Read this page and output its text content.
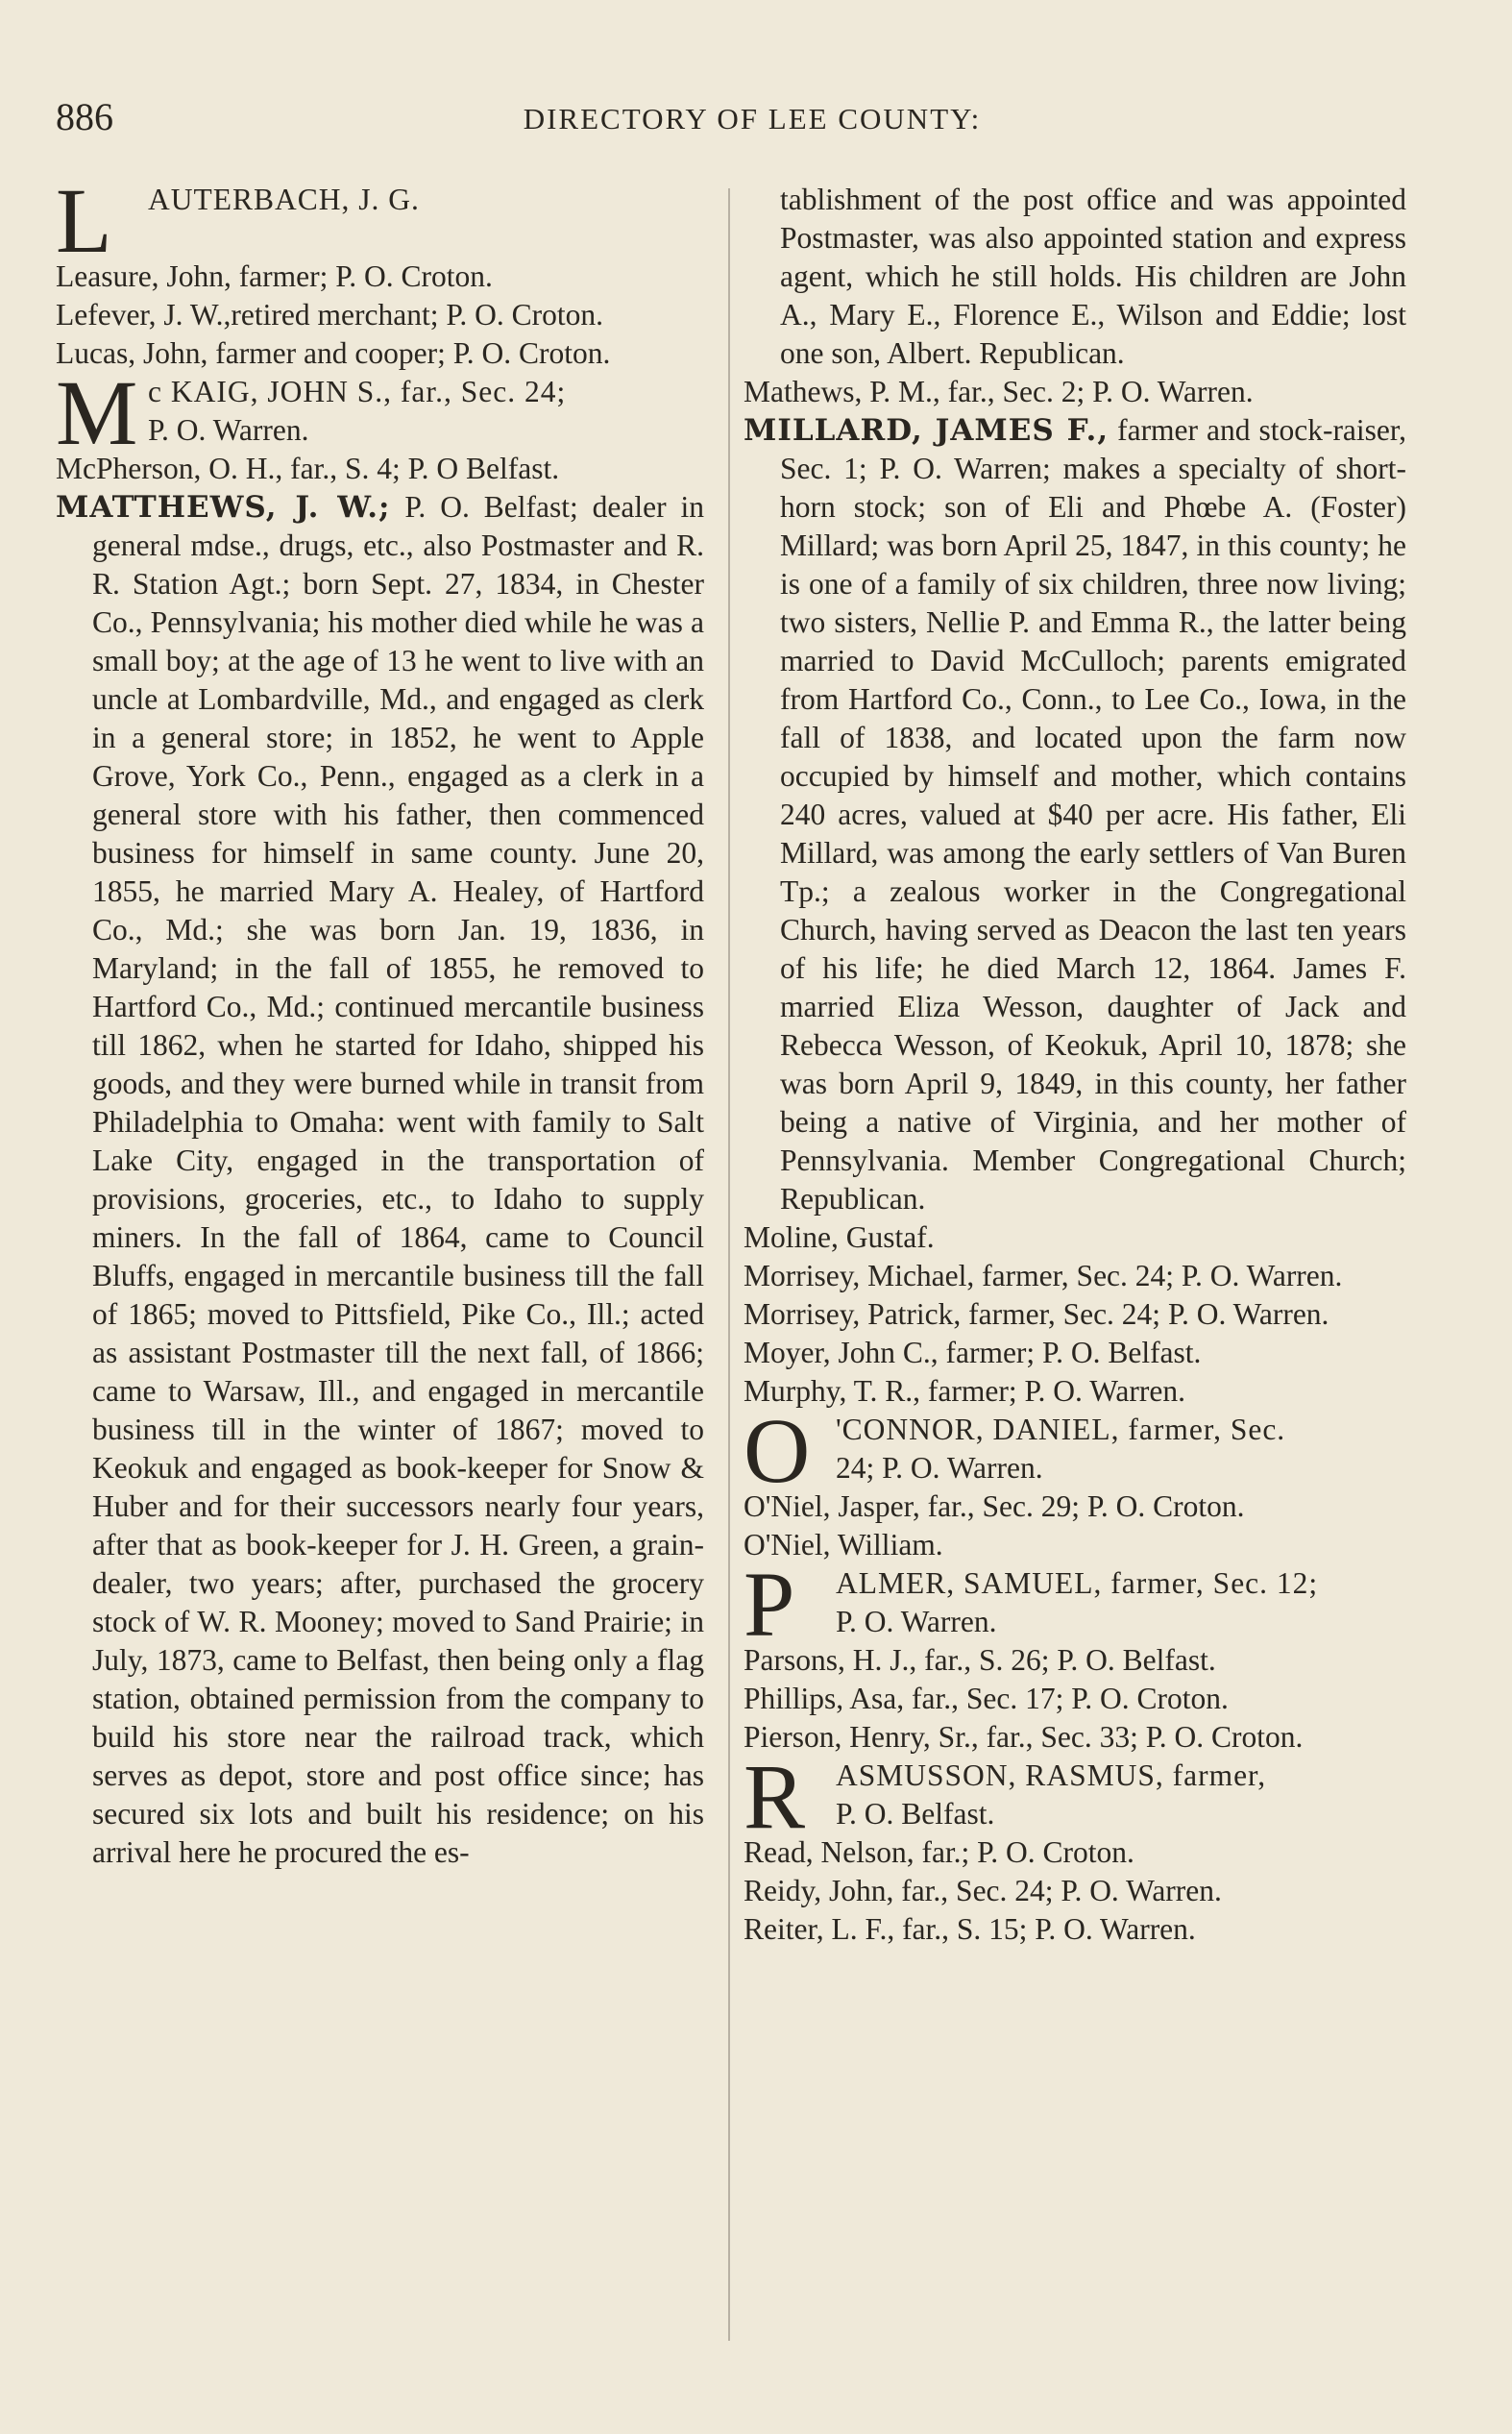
886	DIRECTORY OF LEE COUNTY:

L AUTERBACH, J. G.

Leasure, John, farmer; P. O. Croton.

Lefever, J. W.,retired merchant; P. O. Croton.

Lucas, John, farmer and cooper; P. O. Croton.

M c KAIG, JOHN S., far., Sec. 24;
P. O. Warren.

McPherson, O. H., far., S. 4; P. O Belfast.

MATTHEWS, J. W.; P. O. Belfast; dealer in general mdse., drugs, etc., also Postmaster and R. R. Station Agt.; born Sept. 27, 1834, in Chester Co., Pennsylvania; his mother died while he was a small boy; at the age of 13 he went to live with an uncle at Lombardville, Md., and engaged as clerk in a general store; in 1852, he went to Apple Grove, York Co., Penn., engaged as a clerk in a general store with his father, then commenced business for himself in same county. June 20, 1855, he married Mary A. Healey, of Hartford Co., Md.; she was born Jan. 19, 1836, in Maryland; in the fall of 1855, he removed to Hartford Co., Md.; continued mercantile business till 1862, when he started for Idaho, shipped his goods, and they were burned while in transit from Philadelphia to Omaha: went with family to Salt Lake City, engaged in the transportation of provisions, groceries, etc., to Idaho to supply miners. In the fall of 1864, came to Council Bluffs, engaged in mercantile business till the fall of 1865; moved to Pittsfield, Pike Co., Ill.; acted as assistant Postmaster till the next fall, of 1866; came to Warsaw, Ill., and engaged in mercantile business till in the winter of 1867; moved to Keokuk and engaged as book-keeper for Snow & Huber and for their successors nearly four years, after that as book-keeper for J. H. Green, a grain-dealer, two years; after, purchased the grocery stock of W. R. Mooney; moved to Sand Prairie; in July, 1873, came to Belfast, then being only a flag station, obtained permission from the company to build his store near the railroad track, which serves as depot, store and post office since; has secured six lots and built his residence; on his arrival here he procured the es-

tablishment of the post office and was appointed Postmaster, was also appointed station and express agent, which he still holds. His children are John A., Mary E., Florence E., Wilson and Eddie; lost one son, Albert. Republican.

Mathews, P. M., far., Sec. 2; P. O. Warren.

MILLARD, JAMES F., farmer and stock-raiser, Sec. 1; P. O. Warren; makes a specialty of short-horn stock; son of Eli and Phœbe A. (Foster) Millard; was born April 25, 1847, in this county; he is one of a family of six children, three now living; two sisters, Nellie P. and Emma R., the latter being married to David McCulloch; parents emigrated from Hartford Co., Conn., to Lee Co., Iowa, in the fall of 1838, and located upon the farm now occupied by himself and mother, which contains 240 acres, valued at $40 per acre. His father, Eli Millard, was among the early settlers of Van Buren Tp.; a zealous worker in the Congregational Church, having served as Deacon the last ten years of his life; he died March 12, 1864. James F. married Eliza Wesson, daughter of Jack and Rebecca Wesson, of Keokuk, April 10, 1878; she was born April 9, 1849, in this county, her father being a native of Virginia, and her mother of Pennsylvania. Member Congregational Church; Republican.

Moline, Gustaf.

Morrisey, Michael, farmer, Sec. 24; P. O. Warren.

Morrisey, Patrick, farmer, Sec. 24; P. O. Warren.

Moyer, John C., farmer; P. O. Belfast.

Murphy, T. R., farmer; P. O. Warren.

O 'CONNOR, DANIEL, farmer, Sec.
24; P. O. Warren.

O'Niel, Jasper, far., Sec. 29; P. O. Croton.

O'Niel, William.

P ALMER, SAMUEL, farmer, Sec. 12;
P. O. Warren.

Parsons, H. J., far., S. 26; P. O. Belfast.

Phillips, Asa, far., Sec. 17; P. O. Croton.

Pierson, Henry, Sr., far., Sec. 33; P. O. Croton.

R ASMUSSON, RASMUS, farmer,
P. O. Belfast.

Read, Nelson, far.; P. O. Croton.

Reidy, John, far., Sec. 24; P. O. Warren.

Reiter, L. F., far., S. 15; P. O. Warren.
